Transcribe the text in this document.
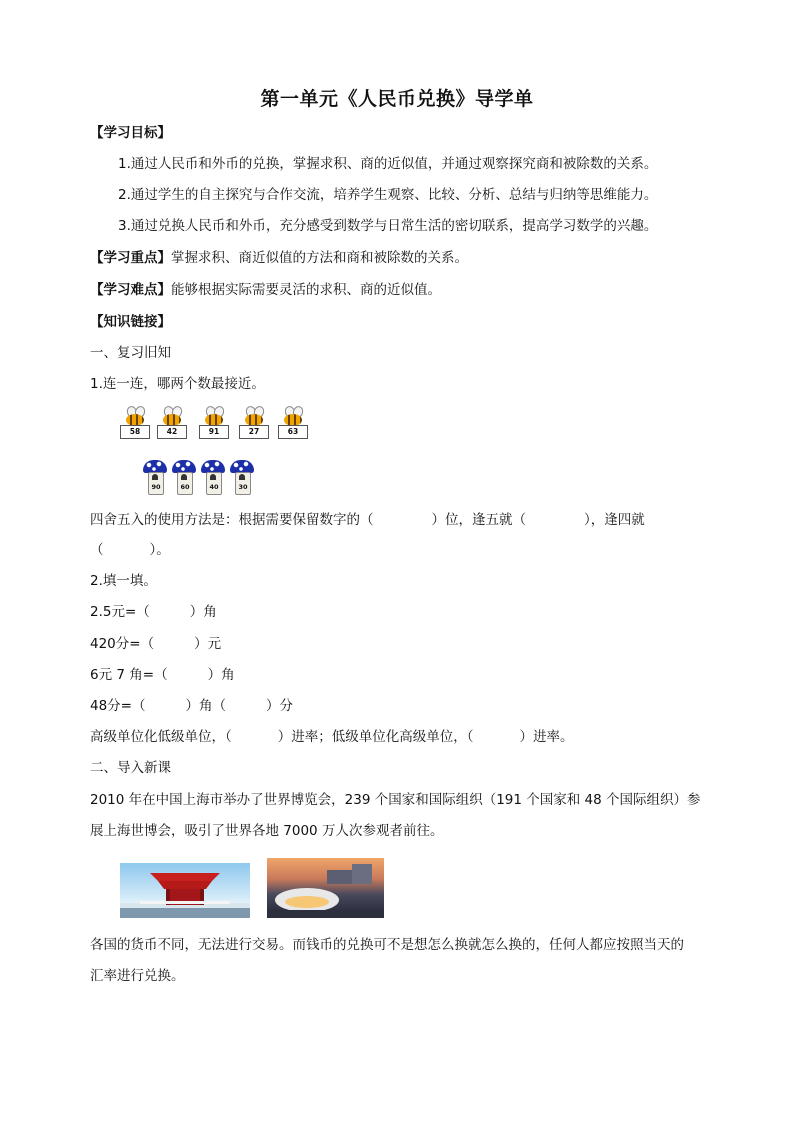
第一单元《人民币兑换》导学单
【学习目标】
1.通过人民币和外币的兑换，掌握求积、商的近似值，并通过观察探究商和被除数的关系。
2.通过学生的自主探究与合作交流，培养学生观察、比较、分析、总结与归纳等思维能力。
3.通过兑换人民币和外币，充分感受到数学与日常生活的密切联系，提高学习数学的兴趣。
【学习重点】掌握求积、商近似值的方法和商和被除数的关系。
【学习难点】能够根据实际需要灵活的求积、商的近似值。
【知识链接】
一、复习旧知
1.连一连，哪两个数最接近。
58	42	91	27	63
90	60	40	30
四舍五入的使用方法是：根据需要保留数字的（	）位，逢五就（	），逢四就
（	）。
2.填一填。
2.5元=（	）角
420分=（	）元
6元 7 角=（	）角
48分=（	）角（	）分
高级单位化低级单位，（	）进率；低级单位化高级单位，（	）进率。
二、导入新课
2010 年在中国上海市举办了世界博览会，239 个国家和国际组织（191 个国家和 48 个国际组织）参
展上海世博会，吸引了世界各地 7000 万人次参观者前往。
各国的货币不同，无法进行交易。而钱币的兑换可不是想怎么换就怎么换的，任何人都应按照当天的
汇率进行兑换。
